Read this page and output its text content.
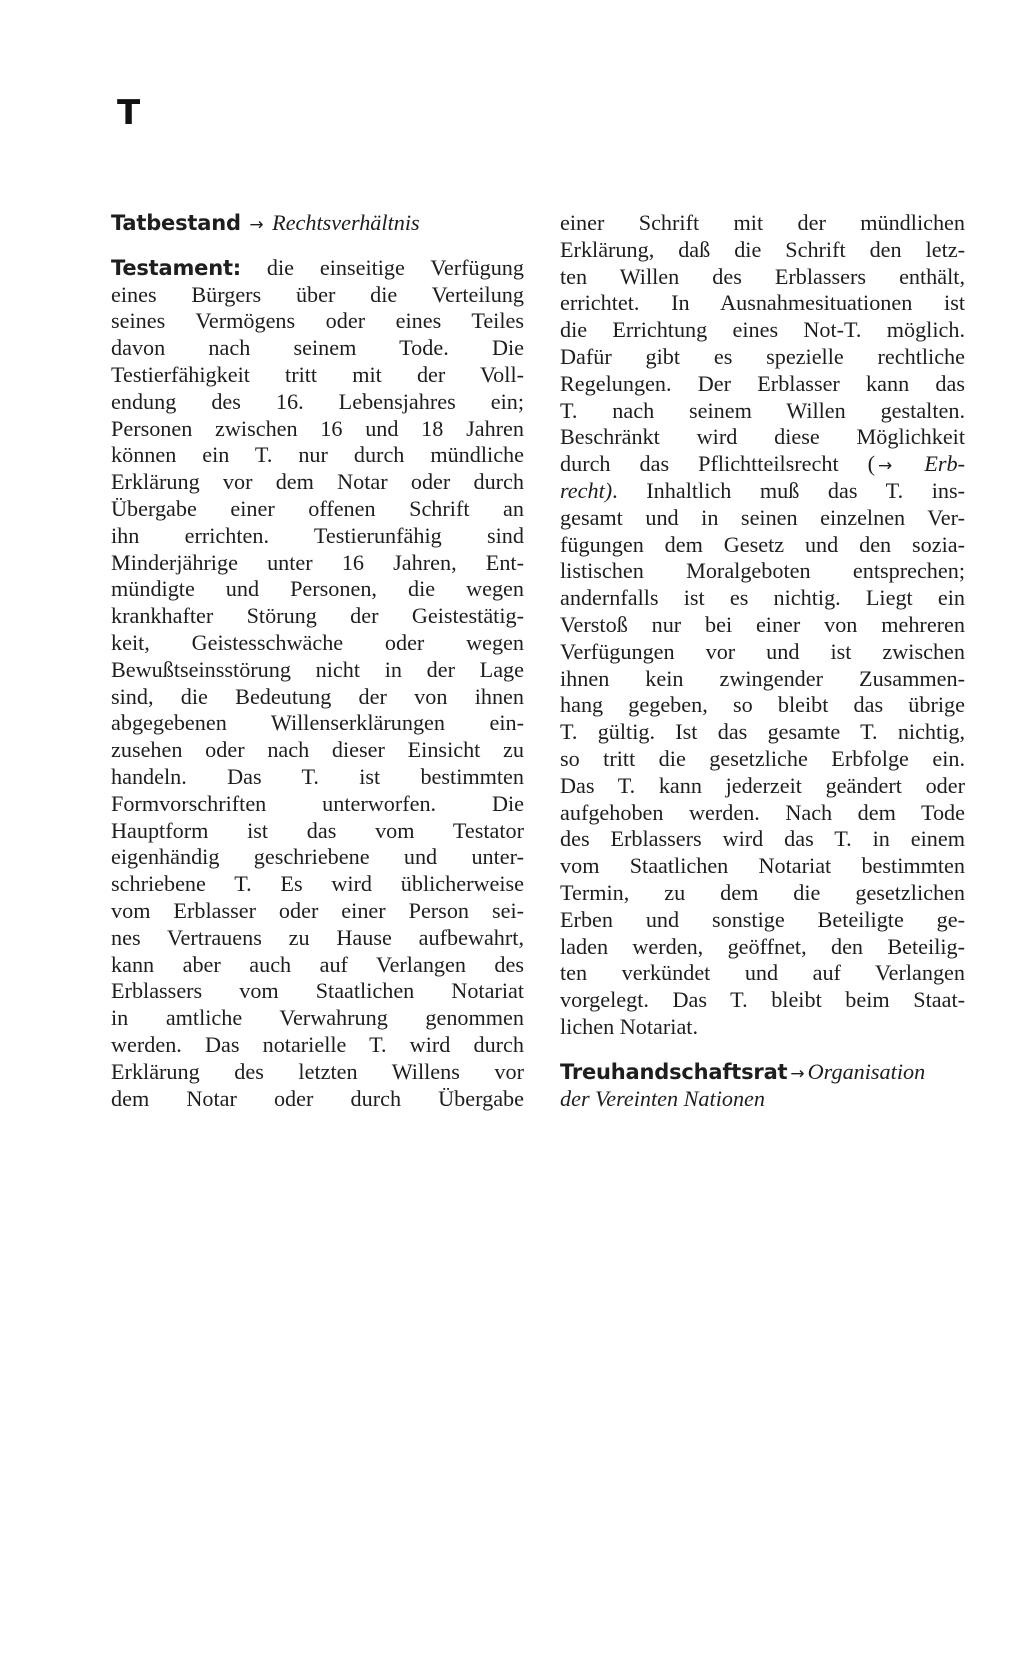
T
Tatbestand → Rechtsverhältnis
Testament: die einseitige Verfügung
eines Bürgers über die Verteilung
seines Vermögens oder eines Teiles
davon nach seinem Tode. Die
Testierfähigkeit tritt mit der Voll-
endung des 16. Lebensjahres ein;
Personen zwischen 16 und 18 Jahren
können ein T. nur durch mündliche
Erklärung vor dem Notar oder durch
Übergabe einer offenen Schrift an
ihn errichten. Testierunfähig sind
Minderjährige unter 16 Jahren, Ent-
mündigte und Personen, die wegen
krankhafter Störung der Geistestätig-
keit, Geistesschwäche oder wegen
Bewußtseinsstörung nicht in der Lage
sind, die Bedeutung der von ihnen
abgegebenen Willenserklärungen ein-
zusehen oder nach dieser Einsicht zu
handeln. Das T. ist bestimmten
Formvorschriften unterworfen. Die
Hauptform ist das vom Testator
eigenhändig geschriebene und unter-
schriebene T. Es wird üblicherweise
vom Erblasser oder einer Person sei-
nes Vertrauens zu Hause aufbewahrt,
kann aber auch auf Verlangen des
Erblassers vom Staatlichen Notariat
in amtliche Verwahrung genommen
werden. Das notarielle T. wird durch
Erklärung des letzten Willens vor
dem Notar oder durch Übergabe
einer Schrift mit der mündlichen
Erklärung, daß die Schrift den letz-
ten Willen des Erblassers enthält,
errichtet. In Ausnahmesituationen ist
die Errichtung eines Not-T. möglich.
Dafür gibt es spezielle rechtliche
Regelungen. Der Erblasser kann das
T. nach seinem Willen gestalten.
Beschränkt wird diese Möglichkeit
durch das Pflichtteilsrecht ( → Erb-
recht). Inhaltlich muß das T. ins-
gesamt und in seinen einzelnen Ver-
fügungen dem Gesetz und den sozia-
listischen Moralgeboten entsprechen;
andernfalls ist es nichtig. Liegt ein
Verstoß nur bei einer von mehreren
Verfügungen vor und ist zwischen
ihnen kein zwingender Zusammen-
hang gegeben, so bleibt das übrige
T. gültig. Ist das gesamte T. nichtig,
so tritt die gesetzliche Erbfolge ein.
Das T. kann jederzeit geändert oder
aufgehoben werden. Nach dem Tode
des Erblassers wird das T. in einem
vom Staatlichen Notariat bestimmten
Termin, zu dem die gesetzlichen
Erben und sonstige Beteiligte ge-
laden werden, geöffnet, den Beteilig-
ten verkündet und auf Verlangen
vorgelegt. Das T. bleibt beim Staat-
lichen Notariat.
Treuhandschaftsrat → Organisation
der Vereinten Nationen
